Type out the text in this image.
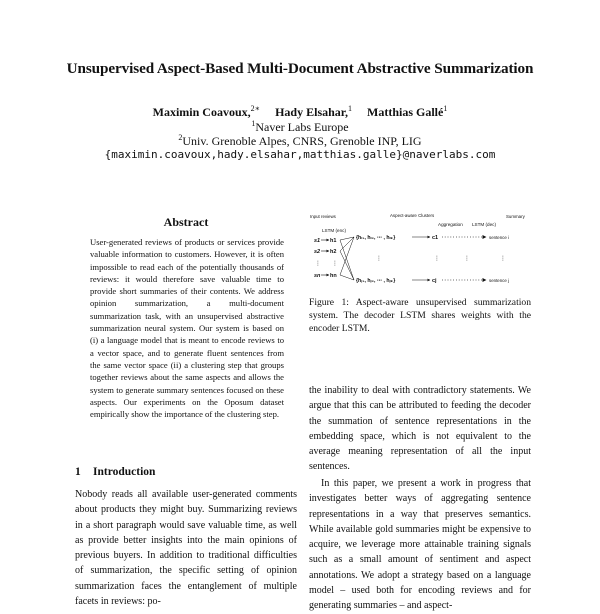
Unsupervised Aspect-Based Multi-Document Abstractive Summarization
Maximin Coavoux,$^{2∗}$ Hady Elsahar,$^1$ Matthias Gallé$^1$
$^1$Naver Labs Europe
$^2$Univ. Grenoble Alpes, CNRS, Grenoble INP, LIG
{maximin.coavoux,hady.elsahar,matthias.galle}@naverlabs.com
Abstract
User-generated reviews of products or services provide valuable information to customers. However, it is often impossible to read each of the potentially thousands of reviews: it would therefore save valuable time to provide short summaries of their contents. We address opinion summarization, a multi-document summarization task, with an unsupervised abstractive summarization neural system. Our system is based on (i) a language model that is meant to encode reviews to a vector space, and to generate fluent sentences from the same vector space (ii) a clustering step that groups together reviews about the same aspects and allows the system to generate summary sentences focused on these aspects. Our experiments on the Oposum dataset empirically show the importance of the clustering step.
1 Introduction
Nobody reads all available user-generated comments about products they might buy. Summarizing reviews in a short paragraph would save valuable time, as well as provide better insights into the main opinions of previous buyers. In addition to traditional difficulties of summarization, the specific setting of opinion summarization faces the entanglement of multiple facets in reviews: po-
Input reviews
LSTM (enc)
Aspect-aware Clusters
Aggregation LSTM (dec)
Summary
s1
s2
⋮
sn
h1
h2
⋮
hn
{hₗ₁, hₗ₂, ⋯ , hₗₖ}
⋮
{hⱼ₁, hⱼ₂, ⋯ , hⱼₖ}
c1
⋮
cj
⋮
sentence i
⋮
sentence j
Figure 1: Aspect-aware unsupervised summarization system. The decoder LSTM shares weights with the encoder LSTM.
the inability to deal with contradictory statements. We argue that this can be attributed to feeding the decoder the summation of sentence representations in the embedding space, which is not equivalent to the average meaning representation of all the input sentences.
In this paper, we present a work in progress that investigates better ways of aggregating sentence representations in a way that preserves semantics. While available gold summaries might be expensive to acquire, we leverage more attainable training signals such as a small amount of sentiment and aspect annotations. We adopt a strategy based on a language model – used both for encoding reviews and for generating summaries – and aspect-
